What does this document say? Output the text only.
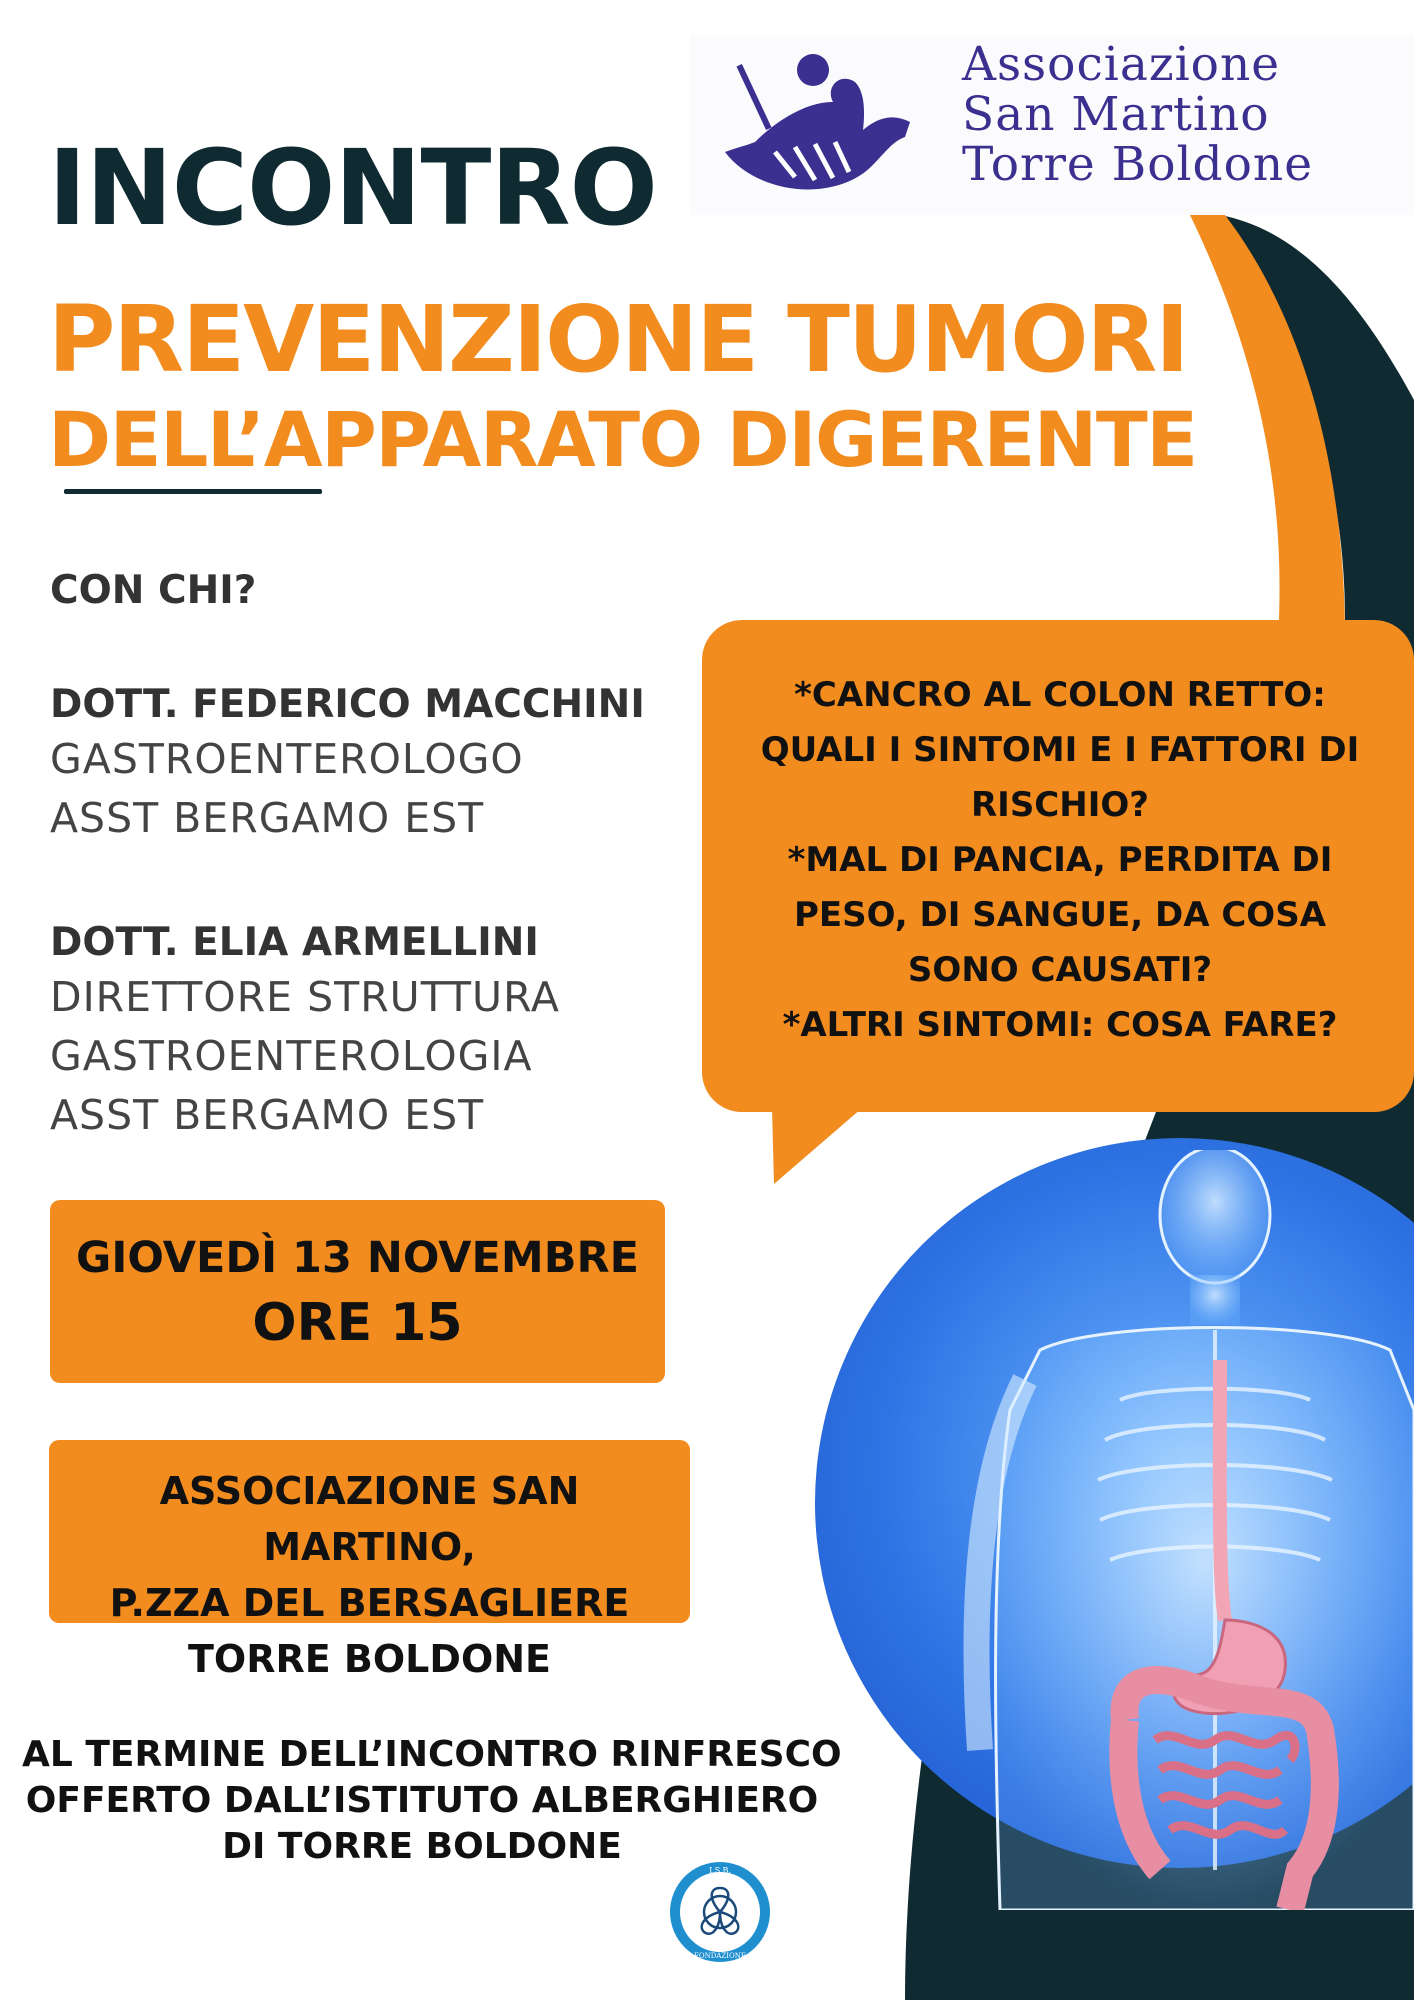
Associazione
San Martino
Torre Boldone
INCONTRO
PREVENZIONE TUMORI
DELL’APPARATO DIGERENTE
CON CHI?
DOTT. FEDERICO MACCHINI
GASTROENTEROLOGO
ASST BERGAMO EST
DOTT. ELIA ARMELLINI
DIRETTORE STRUTTURA
GASTROENTEROLOGIA
ASST BERGAMO EST
*CANCRO AL COLON RETTO:
QUALI I SINTOMI E I FATTORI DI
RISCHIO?
*MAL DI PANCIA, PERDITA DI
PESO, DI SANGUE, DA COSA
SONO CAUSATI?
*ALTRI SINTOMI: COSA FARE?
GIOVEDÌ 13 NOVEMBRE
ORE 15
ASSOCIAZIONE SAN MARTINO,
P.ZZA DEL BERSAGLIERE
TORRE BOLDONE
AL TERMINE DELL’INCONTRO RINFRESCO
OFFERTO DALL’ISTITUTO ALBERGHIERO
DI TORRE BOLDONE
I.S.B.
FONDAZIONE
